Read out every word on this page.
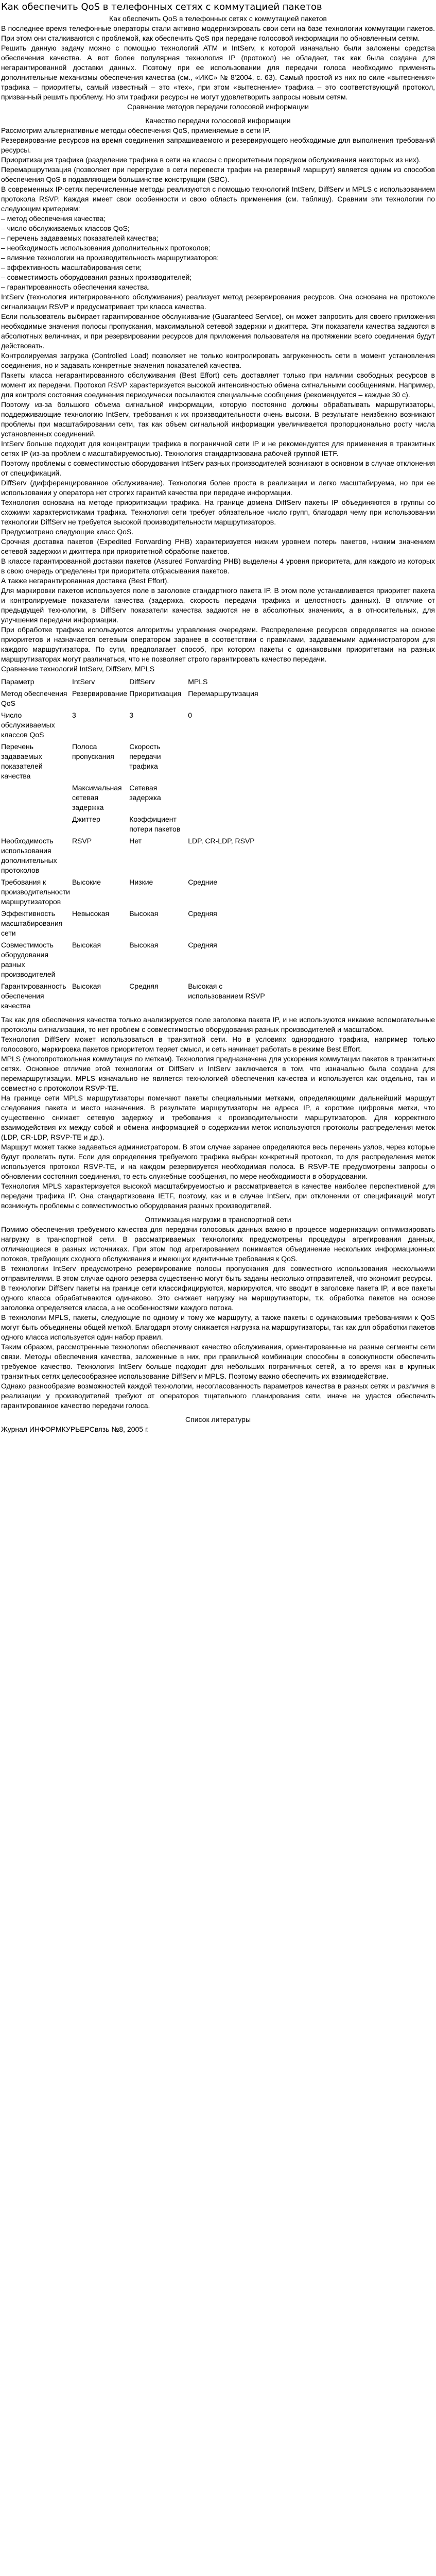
Как обеспечить QoS в телефонных сетях с коммутацией пакетов

Как обеспечить QoS в телефонных сетях с коммутацией пакетов

В последнее время телефонные операторы стали активно модернизировать свои сети на базе технологии коммутации пакетов. При этом они сталкиваются с проблемой, как обеспечить QoS при передаче голосовой информации по обновленным сетям.

Решить данную задачу можно с помощью технологий ATM и IntServ, к которой изначально были заложены средства обеспечения качества. А вот более популярная технология IP (протокол) не обладает, так как была создана для негарантированной доставки данных. Поэтому при ее использовании для передачи голоса необходимо применять дополнительные механизмы обеспечения качества (см., «ИКС» № 8'2004, с. 63). Самый простой из них по силе «вытеснения» трафика – приоритеты, самый известный – это «тех», при этом «вытеснение» трафика – это соответствующий протокол, призванный решить проблему. Но эти трафики ресурсы не могут удовлетворить запросы новым сетям.

Сравнение методов передачи голосовой информации

Качество передачи голосовой информации

Рассмотрим альтернативные методы обеспечения QoS, применяемые в сети IP.

Резервирование ресурсов на время соединения запрашиваемого и резервирующего необходимые для выполнения требований ресурсы.

Приоритизация трафика (разделение трафика в сети на классы с приоритетным порядком обслуживания некоторых из них).

Перемаршрутизация (позволяет при перегрузке в сети перевести трафик на резервный маршрут) является одним из способов обеспечения QoS в подавляющем большинстве конструкции (SBC).

В современных IP-сетях перечисленные методы реализуются с помощью технологий IntServ, DiffServ и MPLS с использованием протокола RSVP. Каждая имеет свои особенности и свою область применения (см. таблицу). Сравним эти технологии по следующим критериям:

– метод обеспечения качества;

– число обслуживаемых классов QoS;

– перечень задаваемых показателей качества;

– необходимость использования дополнительных протоколов;

– влияние технологии на производительность маршрутизаторов;

– эффективность масштабирования сети;

– совместимость оборудования разных производителей;

– гарантированность обеспечения качества.

IntServ (технология интегрированного обслуживания) реализует метод резервирования ресурсов. Она основана на протоколе сигнализации RSVP и предусматривает три класса качества.

Если пользователь выбирает гарантированное обслуживание (Guaranteed Service), он может запросить для своего приложения необходимые значения полосы пропускания, максимальной сетевой задержки и джиттера. Эти показатели качества задаются в абсолютных величинах, и при резервировании ресурсов для приложения пользователя на протяжении всего соединения будут действовать.

Контролируемая загрузка (Controlled Load) позволяет не только контролировать загруженность сети в момент установления соединения, но и задавать конкретные значения показателей качества.

Пакеты класса негарантированного обслуживания (Best Effort) сеть доставляет только при наличии свободных ресурсов в момент их передачи. Протокол RSVP характеризуется высокой интенсивностью обмена сигнальными сообщениями. Например, для контроля состояния соединения периодически посылаются специальные сообщения (рекомендуется – каждые 30 с).

Поэтому из-за большого объема сигнальной информации, которую постоянно должны обрабатывать маршрутизаторы, поддерживающие технологию IntServ, требования к их производительности очень высоки. В результате неизбежно возникают проблемы при масштабировании сети, так как объем сигнальной информации увеличивается пропорционально росту числа установленных соединений.

IntServ больше подходит для концентрации трафика в пограничной сети IP и не рекомендуется для применения в транзитных сетях IP (из-за проблем с масштабируемостью). Технология стандартизована рабочей группой IETF.

Поэтому проблемы с совместимостью оборудования IntServ разных производителей возникают в основном в случае отклонения от спецификаций.

DiffServ (дифференцированное обслуживание). Технология более проста в реализации и легко масштабируема, но при ее использовании у оператора нет строгих гарантий качества при передаче информации.

Технология основана на методе приоритизации трафика. На границе домена DiffServ пакеты IP объединяются в группы со схожими характеристиками трафика. Технология сети требует обязательное число групп, благодаря чему при использовании технологии DiffServ не требуется высокой производительности маршрутизаторов.

Предусмотрено следующие класс QoS.

Срочная доставка пакетов (Expedited Forwarding PHB) характеризуется низким уровнем потерь пакетов, низким значением сетевой задержки и джиттера при приоритетной обработке пакетов.

В классе гарантированной доставки пакетов (Assured Forwarding PHB) выделены 4 уровня приоритета, для каждого из которых в свою очередь определены три приоритета отбрасывания пакетов.

А также негарантированная доставка (Best Effort).

Для маркировки пакетов используется поле в заголовке стандартного пакета IP. В этом поле устанавливается приоритет пакета и контролируемые показатели качества (задержка, скорость передачи трафика и целостность данных). В отличие от предыдущей технологии, в DiffServ показатели качества задаются не в абсолютных значениях, а в относительных, для улучшения передачи информации.

При обработке трафика используются алгоритмы управления очередями. Распределение ресурсов определяется на основе приоритетов и назначается сетевым оператором заранее в соответствии с правилами, задаваемыми администратором для каждого маршрутизатора. По сути, предполагает способ, при котором пакеты с одинаковыми приоритетами на разных маршрутизаторах могут различаться, что не позволяет строго гарантировать качество передачи.

Сравнение технологий IntServ, DiffServ, MPLS

Параметр	IntServ	DiffServ	MPLS
Метод обеспечения QoS	Резервирование	Приоритизация	Перемаршрутизация
Число обслуживаемых классов QoS	3	3	0
Перечень задаваемых показателей качества	Полоса пропускания	Скорость передачи трафика	
	Максимальная сетевая задержка	Сетевая задержка	
	Джиттер	Коэффициент потери пакетов	
Необходимость использования дополнительных протоколов	RSVP	Нет	LDP, CR-LDP, RSVP
Требования к производительности маршрутизаторов	Высокие	Низкие	Средние
Эффективность масштабирования сети	Невысокая	Высокая	Средняя
Совместимость оборудования разных производителей	Высокая	Высокая	Средняя
Гарантированность обеспечения качества	Высокая	Средняя	Высокая с использованием RSVP

Так как для обеспечения качества только анализируется поле заголовка пакета IP, и не используются никакие вспомогательные протоколы сигнализации, то нет проблем с совместимостью оборудования разных производителей и масштабом.

Технология DiffServ может использоваться в транзитной сети. Но в условиях однородного трафика, например только голосового, маркировка пакетов приоритетом теряет смысл, и сеть начинает работать в режиме Best Effort.

MPLS (многопротокольная коммутация по меткам). Технология предназначена для ускорения коммутации пакетов в транзитных сетях. Основное отличие этой технологии от DiffServ и IntServ заключается в том, что изначально была создана для перемаршрутизации. MPLS изначально не является технологией обеспечения качества и используется как отдельно, так и совместно с протоколом RSVP-TE.

На границе сети MPLS маршрутизаторы помечают пакеты специальными метками, определяющими дальнейший маршрут следования пакета и место назначения. В результате маршрутизаторы не адреса IP, а короткие цифровые метки, что существенно снижает сетевую задержку и требования к производительности маршрутизаторов. Для корректного взаимодействия их между собой и обмена информацией о содержании меток используются протоколы распределения меток (LDP, CR-LDP, RSVP-TE и др.).

Маршрут может также задаваться администратором. В этом случае заранее определяются весь перечень узлов, через которые будут пролегать пути. Если для определения требуемого трафика выбран конкретный протокол, то для распределения меток используется протокол RSVP-TE, и на каждом резервируется необходимая полоса. В RSVP-TE предусмотрены запросы о обновлении состояния соединения, то есть служебные сообщения, по мере необходимости в оборудовании.

Технология MPLS характеризуется высокой масштабируемостью и рассматривается в качестве наиболее перспективной для передачи трафика IP. Она стандартизована IETF, поэтому, как и в случае IntServ, при отклонении от спецификаций могут возникнуть проблемы с совместимостью оборудования разных производителей.

Оптимизация нагрузки в транспортной сети

Помимо обеспечения требуемого качества для передачи голосовых данных важно в процессе модернизации оптимизировать нагрузку в транспортной сети. В рассматриваемых технологиях предусмотрены процедуры агрегирования данных, отличающиеся в разных источниках. При этом под агрегированием понимается объединение нескольких информационных потоков, требующих сходного обслуживания и имеющих идентичные требования к QoS.

В технологии IntServ предусмотрено резервирование полосы пропускания для совместного использования несколькими отправителями. В этом случае одного резерва существенно могут быть заданы несколько отправителей, что экономит ресурсы.

В технологии DiffServ пакеты на границе сети классифицируются, маркируются, что вводит в заголовке пакета IP, и все пакеты одного класса обрабатываются одинаково. Это снижает нагрузку на маршрутизаторы, т.к. обработка пакетов на основе заголовка определяется класса, а не особенностями каждого потока.

В технологии MPLS, пакеты, следующие по одному и тому же маршруту, а также пакеты с одинаковыми требованиями к QoS могут быть объединены общей меткой. Благодаря этому снижается нагрузка на маршрутизаторы, так как для обработки пакетов одного класса используется один набор правил.

Таким образом, рассмотренные технологии обеспечивают качество обслуживания, ориентированные на разные сегменты сети связи. Методы обеспечения качества, заложенные в них, при правильной комбинации способны в совокупности обеспечить требуемое качество. Технология IntServ больше подходит для небольших пограничных сетей, а то время как в крупных транзитных сетях целесообразнее использование DiffServ и MPLS. Поэтому важно обеспечить их взаимодействие.

Однако разнообразие возможностей каждой технологии, несогласованность параметров качества в разных сетях и различия в реализации у производителей требуют от операторов тщательного планирования сети, иначе не удастся обеспечить гарантированное качество передачи голоса.

Список литературы

Журнал ИНФОРМКУРЬЕРСвязь №8, 2005 г.
